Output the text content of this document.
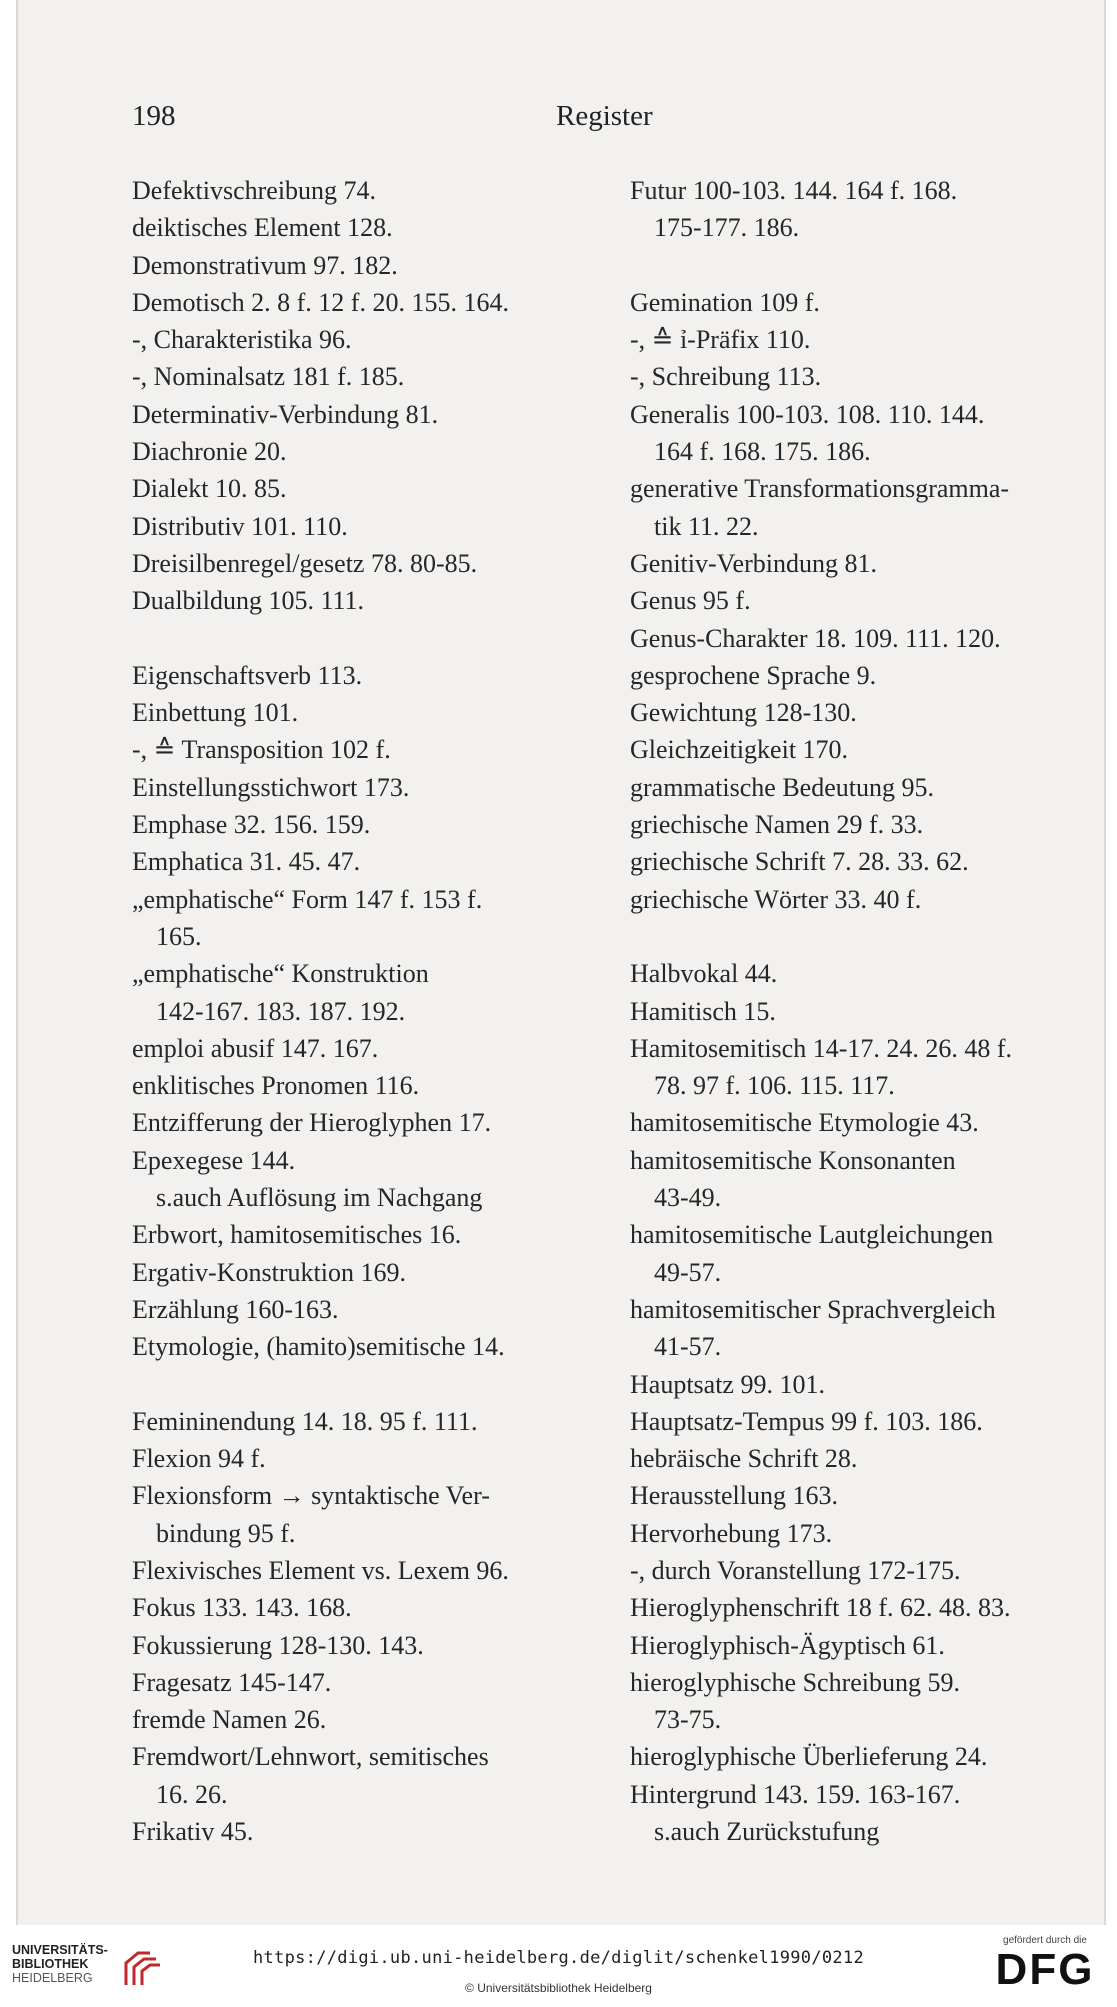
198	Register
Defektivschreibung 74.
deiktisches Element 128.
Demonstrativum 97. 182.
Demotisch 2. 8 f. 12 f. 20. 155. 164.
-, Charakteristika 96.
-, Nominalsatz 181 f. 185.
Determinativ-Verbindung 81.
Diachronie 20.
Dialekt 10. 85.
Distributiv 101. 110.
Dreisilbenregel/gesetz 78. 80-85.
Dualbildung 105. 111.
Eigenschaftsverb 113.
Einbettung 101.
-, ≙ Transposition 102 f.
Einstellungsstichwort 173.
Emphase 32. 156. 159.
Emphatica 31. 45. 47.
„emphatische“ Form 147 f. 153 f.
165.
„emphatische“ Konstruktion
142-167. 183. 187. 192.
emploi abusif 147. 167.
enklitisches Pronomen 116.
Entzifferung der Hieroglyphen 17.
Epexegese 144.
s.auch Auflösung im Nachgang
Erbwort, hamitosemitisches 16.
Ergativ-Konstruktion 169.
Erzählung 160-163.
Etymologie, (hamito)semitische 14.
Femininendung 14. 18. 95 f. 111.
Flexion 94 f.
Flexionsform → syntaktische Ver-
bindung 95 f.
Flexivisches Element vs. Lexem 96.
Fokus 133. 143. 168.
Fokussierung 128-130. 143.
Fragesatz 145-147.
fremde Namen 26.
Fremdwort/Lehnwort, semitisches
16. 26.
Frikativ 45.
Futur 100-103. 144. 164 f. 168.
175-177. 186.
Gemination 109 f.
-, ≙ ỉ-Präfix 110.
-, Schreibung 113.
Generalis 100-103. 108. 110. 144.
164 f. 168. 175. 186.
generative Transformationsgramma-
tik 11. 22.
Genitiv-Verbindung 81.
Genus 95 f.
Genus-Charakter 18. 109. 111. 120.
gesprochene Sprache 9.
Gewichtung 128-130.
Gleichzeitigkeit 170.
grammatische Bedeutung 95.
griechische Namen 29 f. 33.
griechische Schrift 7. 28. 33. 62.
griechische Wörter 33. 40 f.
Halbvokal 44.
Hamitisch 15.
Hamitosemitisch 14-17. 24. 26. 48 f.
78. 97 f. 106. 115. 117.
hamitosemitische Etymologie 43.
hamitosemitische Konsonanten
43-49.
hamitosemitische Lautgleichungen
49-57.
hamitosemitischer Sprachvergleich
41-57.
Hauptsatz 99. 101.
Hauptsatz-Tempus 99 f. 103. 186.
hebräische Schrift 28.
Herausstellung 163.
Hervorhebung 173.
-, durch Voranstellung 172-175.
Hieroglyphenschrift 18 f. 62. 48. 83.
Hieroglyphisch-Ägyptisch 61.
hieroglyphische Schreibung 59.
73-75.
hieroglyphische Überlieferung 24.
Hintergrund 143. 159. 163-167.
s.auch Zurückstufung
UNIVERSITÄTS-
BIBLIOTHEK
HEIDELBERG
https://digi.ub.uni-heidelberg.de/diglit/schenkel1990/0212
© Universitätsbibliothek Heidelberg
gefördert durch die
DFG
